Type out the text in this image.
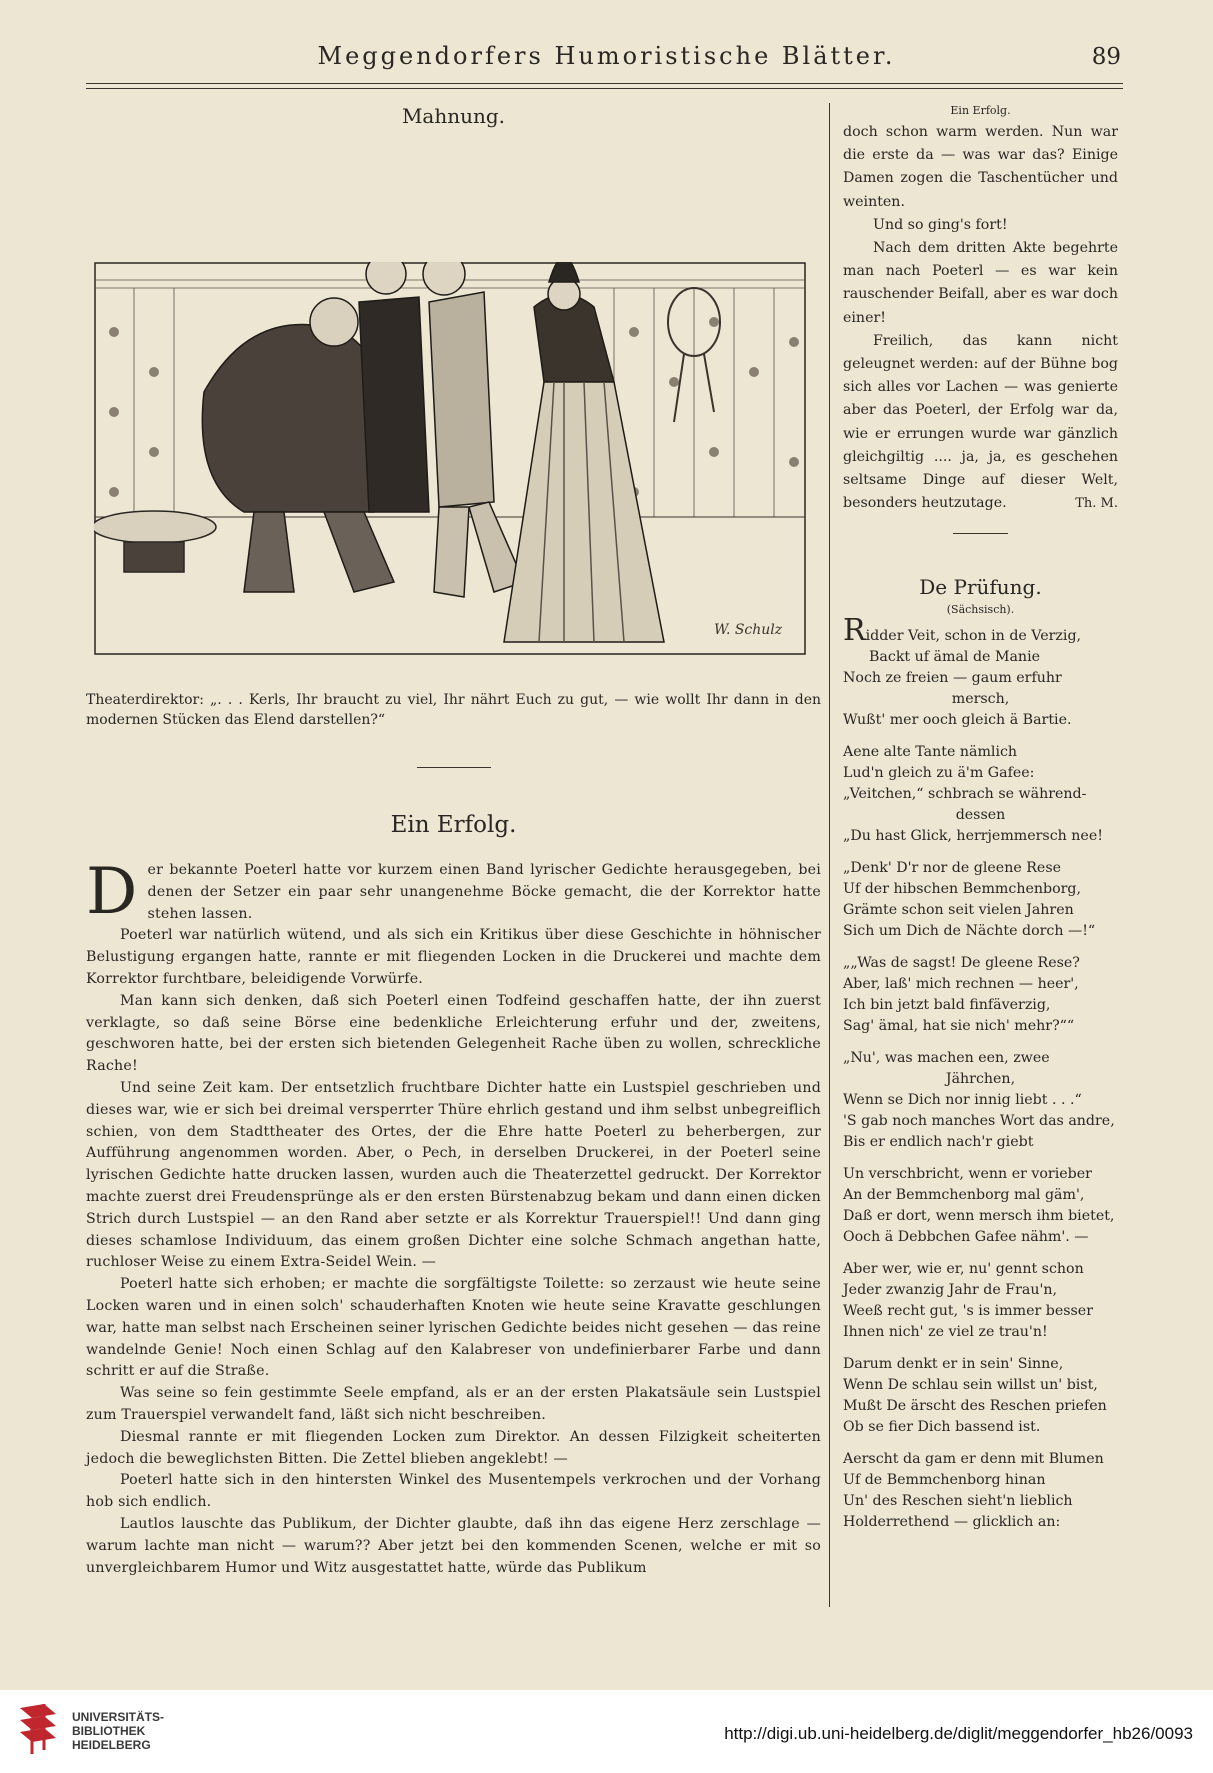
Meggendorfers Humoristische Blätter.	89
Mahnung.
W. Schulz
Theaterdirektor: „. . . Kerls, Ihr braucht zu viel, Ihr nährt Euch zu gut, — wie wollt Ihr dann in den modernen Stücken das Elend darstellen?“
Ein Erfolg.

Der bekannte Poeterl hatte vor kurzem einen Band lyrischer Gedichte herausgegeben, bei denen der Setzer ein paar sehr unangenehme Böcke gemacht, die der Korrektor hatte stehen lassen.

Poeterl war natürlich wütend, und als sich ein Kritikus über diese Geschichte in höhnischer Belustigung ergangen hatte, rannte er mit fliegenden Locken in die Druckerei und machte dem Korrektor furchtbare, beleidigende Vorwürfe.

Man kann sich denken, daß sich Poeterl einen Todfeind geschaffen hatte, der ihn zuerst verklagte, so daß seine Börse eine bedenkliche Erleichterung erfuhr und der, zweitens, geschworen hatte, bei der ersten sich bietenden Gelegenheit Rache üben zu wollen, schreckliche Rache!

Und seine Zeit kam. Der entsetzlich fruchtbare Dichter hatte ein Lustspiel geschrieben und dieses war, wie er sich bei dreimal versperrter Thüre ehrlich gestand und ihm selbst unbegreiflich schien, von dem Stadttheater des Ortes, der die Ehre hatte Poeterl zu beherbergen, zur Aufführung angenommen worden. Aber, o Pech, in derselben Druckerei, in der Poeterl seine lyrischen Gedichte hatte drucken lassen, wurden auch die Theaterzettel gedruckt. Der Korrektor machte zuerst drei Freudensprünge als er den ersten Bürstenabzug bekam und dann einen dicken Strich durch Lustspiel — an den Rand aber setzte er als Korrektur Trauerspiel!! Und dann ging dieses schamlose Individuum, das einem großen Dichter eine solche Schmach angethan hatte, ruchloser Weise zu einem Extra-Seidel Wein. —

Poeterl hatte sich erhoben; er machte die sorgfältigste Toilette: so zerzaust wie heute seine Locken waren und in einen solch' schauderhaften Knoten wie heute seine Kravatte geschlungen war, hatte man selbst nach Erscheinen seiner lyrischen Gedichte beides nicht gesehen — das reine wandelnde Genie! Noch einen Schlag auf den Kalabreser von undefinierbarer Farbe und dann schritt er auf die Straße.

Was seine so fein gestimmte Seele empfand, als er an der ersten Plakatsäule sein Lustspiel zum Trauerspiel verwandelt fand, läßt sich nicht beschreiben.

Diesmal rannte er mit fliegenden Locken zum Direktor. An dessen Filzigkeit scheiterten jedoch die beweglichsten Bitten. Die Zettel blieben angeklebt! —

Poeterl hatte sich in den hintersten Winkel des Musentempels verkrochen und der Vorhang hob sich endlich.

Lautlos lauschte das Publikum, der Dichter glaubte, daß ihn das eigene Herz zerschlage — warum lachte man nicht — warum?? Aber jetzt bei den kommenden Scenen, welche er mit so unvergleichbarem Humor und Witz ausgestattet hatte, würde das Publikum

Ein Erfolg.

doch schon warm werden. Nun war die erste da — was war das? Einige Damen zogen die Taschentücher und weinten.

Und so ging's fort!

Nach dem dritten Akte begehrte man nach Poeterl — es war kein rauschender Beifall, aber es war doch einer!

Freilich, das kann nicht geleugnet werden: auf der Bühne bog sich alles vor Lachen — was genierte aber das Poeterl, der Erfolg war da, wie er errungen wurde war gänzlich gleichgiltig .... ja, ja, es geschehen seltsame Dinge auf dieser Welt, besonders heutzutage.	Th. M.

De Prüfung.
(Sächsisch).
Ridder Veit, schon in de Verzig,
Backt uf ämal de Manie
Noch ze freien — gaum erfuhr
mersch,
Wußt' mer ooch gleich ä Bartie.
Aene alte Tante nämlich
Lud'n gleich zu ä'm Gafee:
„Veitchen,“ schbrach se während-
dessen
„Du hast Glick, herrjemmersch nee!
„Denk' D'r nor de gleene Rese
Uf der hibschen Bemmchenborg,
Grämte schon seit vielen Jahren
Sich um Dich de Nächte dorch —!“
„„Was de sagst! De gleene Rese?
Aber, laß' mich rechnen — heer',
Ich bin jetzt bald finfäverzig,
Sag' ämal, hat sie nich' mehr?““
„Nu', was machen een, zwee
Jährchen,
Wenn se Dich nor innig liebt . . .“
'S gab noch manches Wort das andre,
Bis er endlich nach'r giebt
Un verschbricht, wenn er vorieber
An der Bemmchenborg mal gäm',
Daß er dort, wenn mersch ihm bietet,
Ooch ä Debbchen Gafee nähm'. —
Aber wer, wie er, nu' gennt schon
Jeder zwanzig Jahr de Frau'n,
Weeß recht gut, 's is immer besser
Ihnen nich' ze viel ze trau'n!
Darum denkt er in sein' Sinne,
Wenn De schlau sein willst un' bist,
Mußt De ärscht des Reschen priefen
Ob se fier Dich bassend ist.
Aerscht da gam er denn mit Blumen
Uf de Bemmchenborg hinan
Un' des Reschen sieht'n lieblich
Holderrethend — glicklich an:
UNIVERSITÄTS-
BIBLIOTHEK
HEIDELBERG
http://digi.ub.uni-heidelberg.de/diglit/meggendorfer_hb26/0093
